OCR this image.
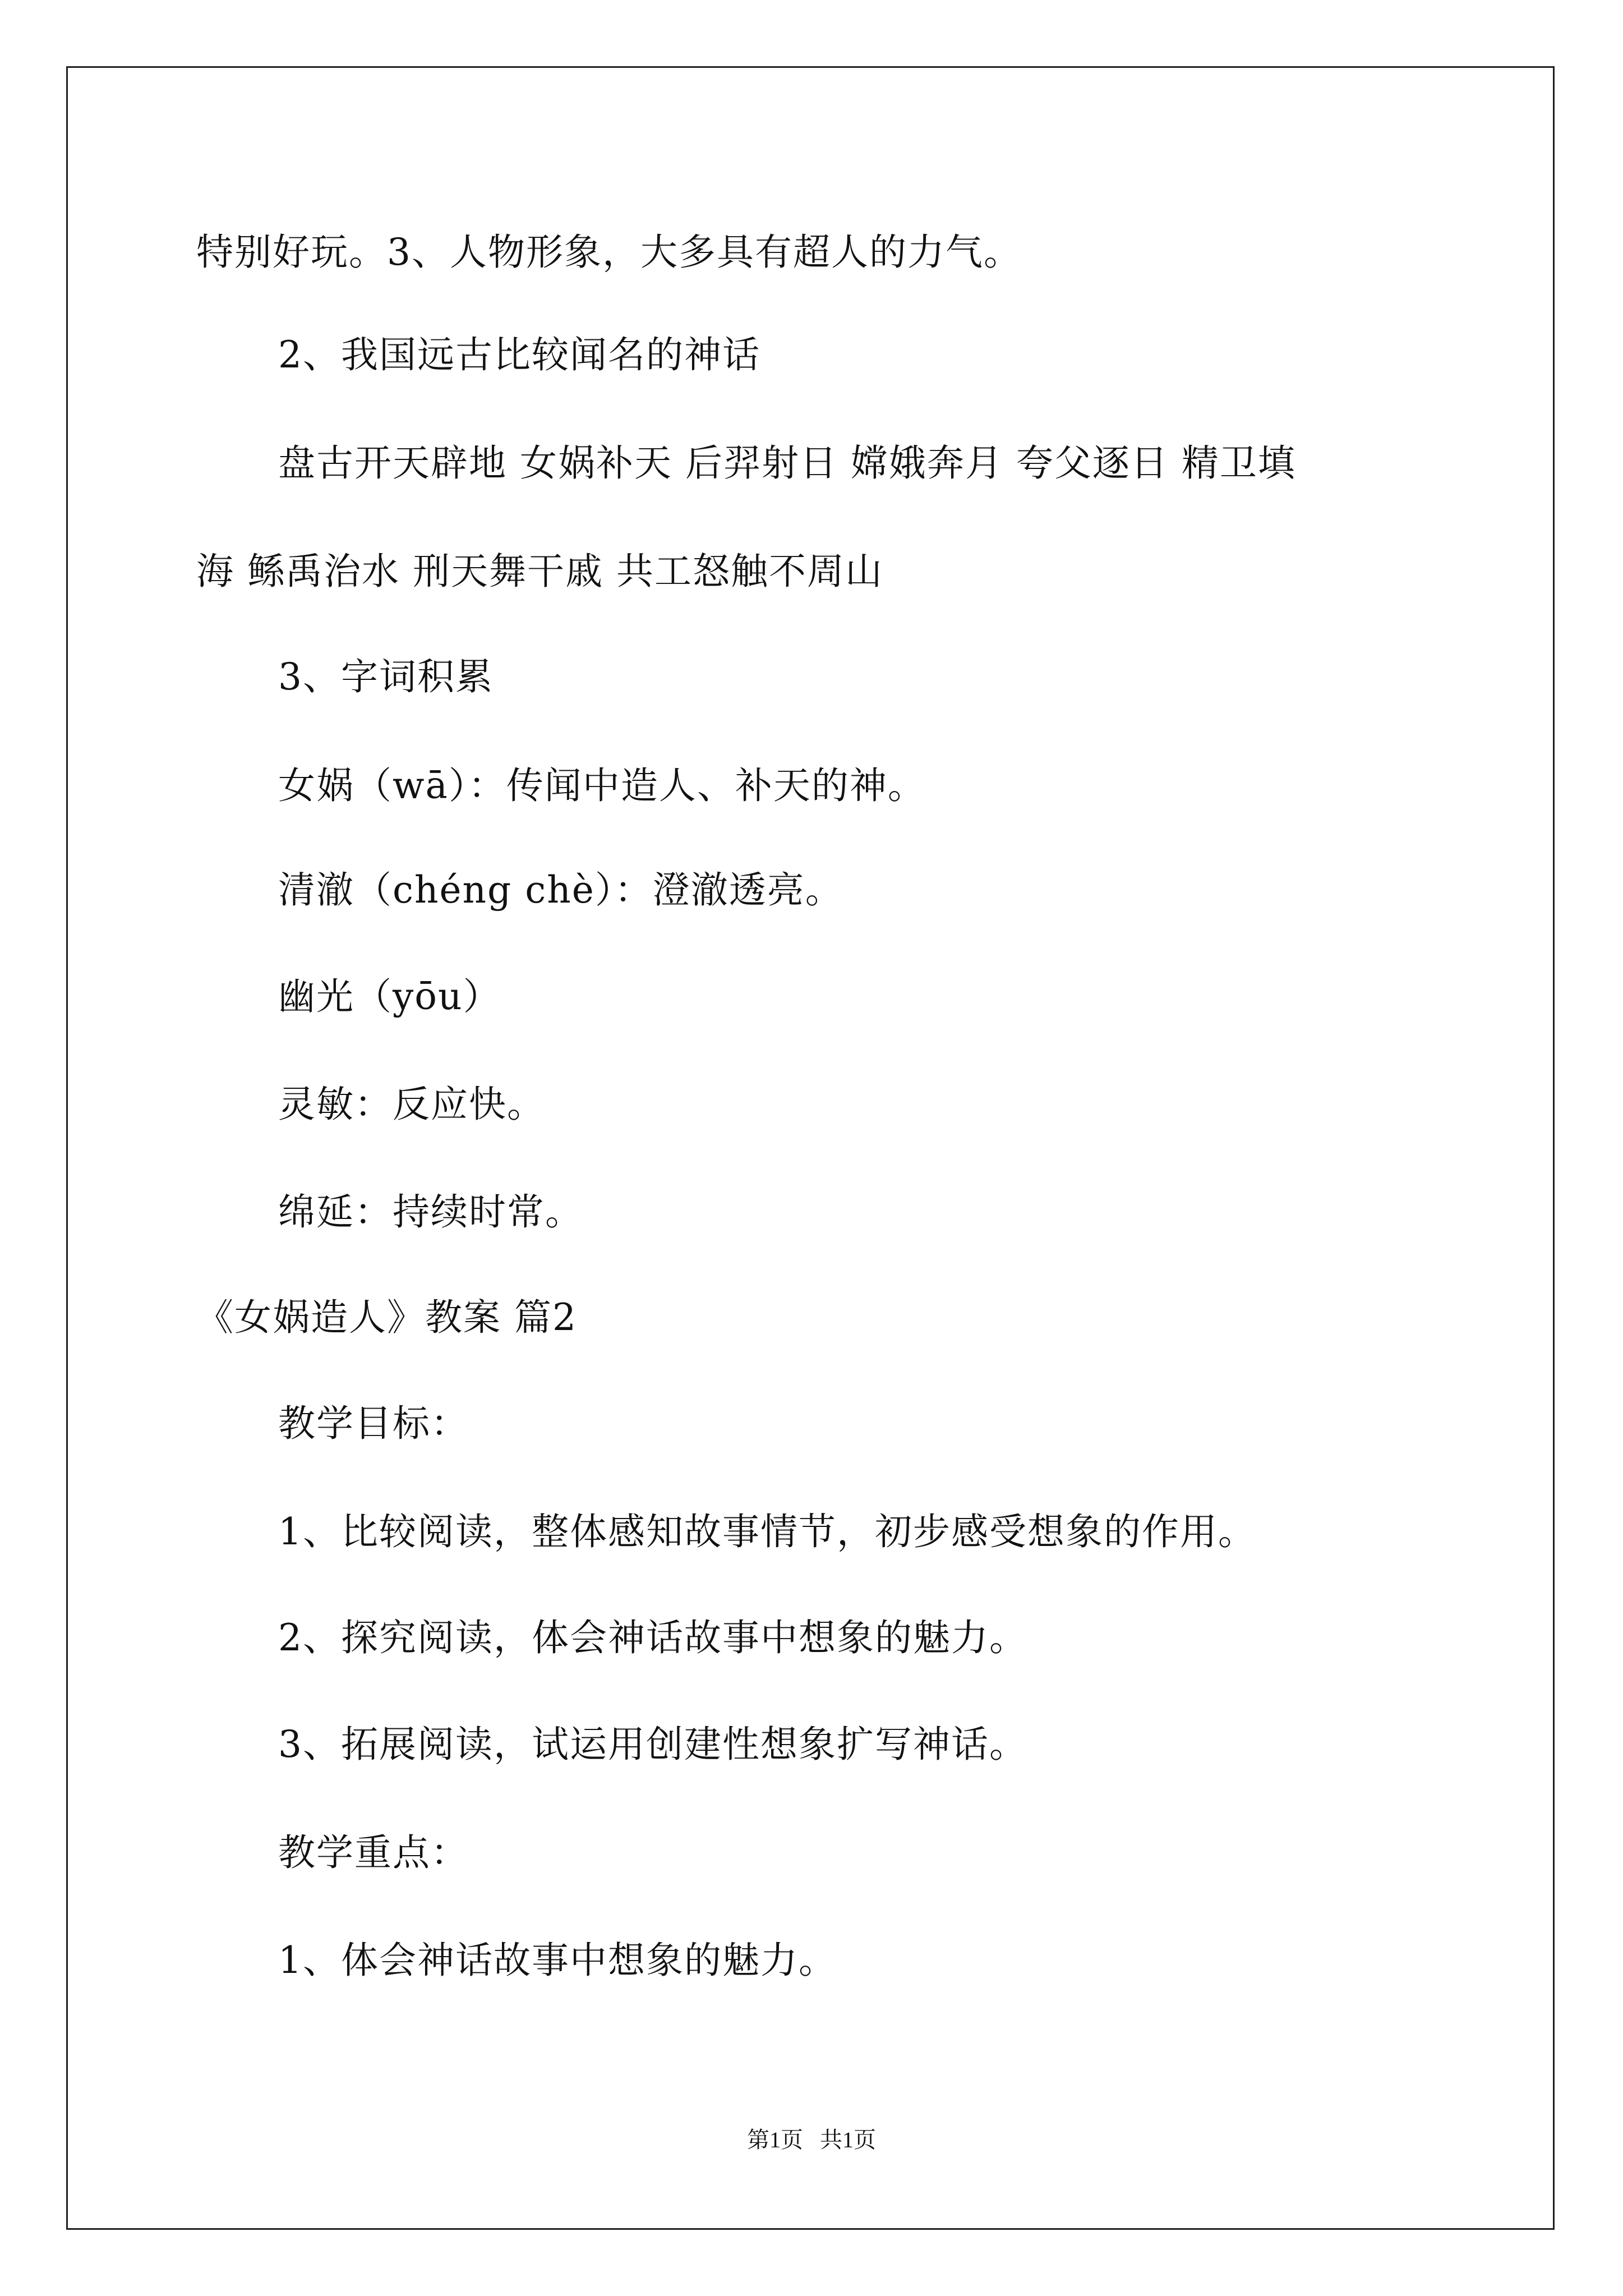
特别好玩。3、人物形象，大多具有超人的力气。
2、我国远古比较闻名的神话
盘古开天辟地 女娲补天 后羿射日 嫦娥奔月 夸父逐日 精卫填
海 鲧禹治水 刑天舞干戚 共工怒触不周山
3、字词积累
女娲（wā）：传闻中造人、补天的神。
清澈（chéng chè）：澄澈透亮。
幽光（yōu）
灵敏：反应快。
绵延：持续时常。
《女娲造人》教案 篇2
教学目标：
1、比较阅读，整体感知故事情节，初步感受想象的作用。
2、探究阅读，体会神话故事中想象的魅力。
3、拓展阅读，试运用创建性想象扩写神话。
教学重点：
1、体会神话故事中想象的魅力。
第1页   共1页
